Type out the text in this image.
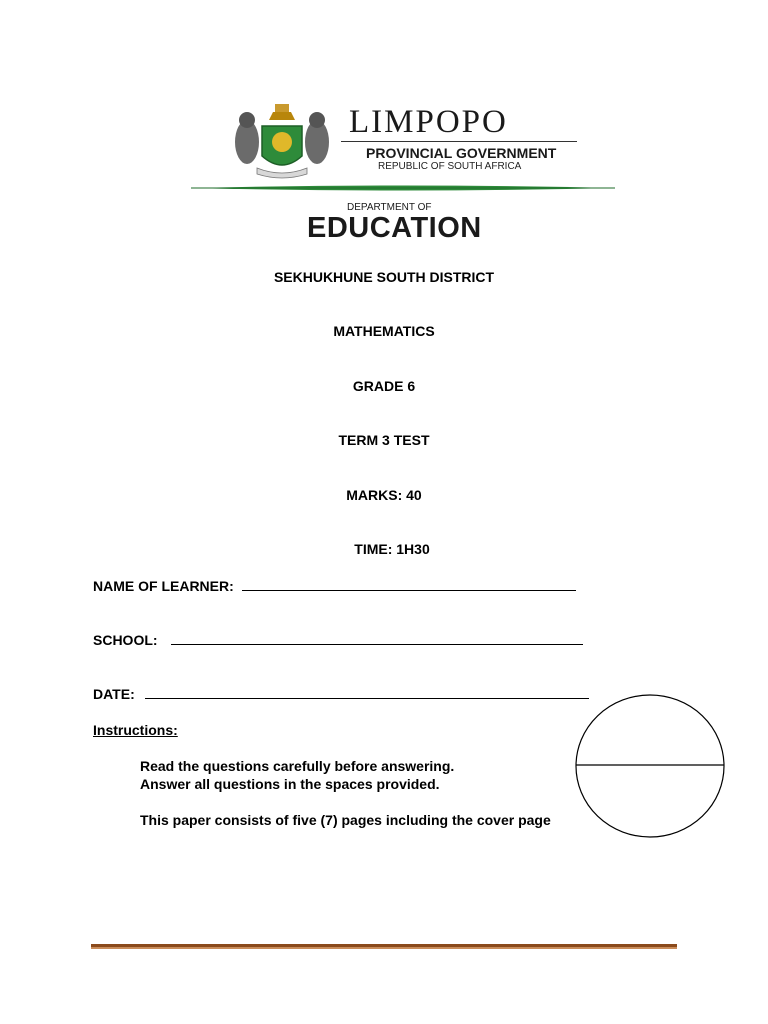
LIMPOPO
PROVINCIAL GOVERNMENT
REPUBLIC OF SOUTH AFRICA
DEPARTMENT OF
EDUCATION
SEKHUKHUNE SOUTH DISTRICT
MATHEMATICS
GRADE 6
TERM 3 TEST
MARKS: 40
TIME: 1H30
NAME OF LEARNER:
SCHOOL:
DATE:
Instructions:
Read the questions carefully before answering.
Answer all questions in the spaces provided.
This paper consists of five (7) pages including the cover page
